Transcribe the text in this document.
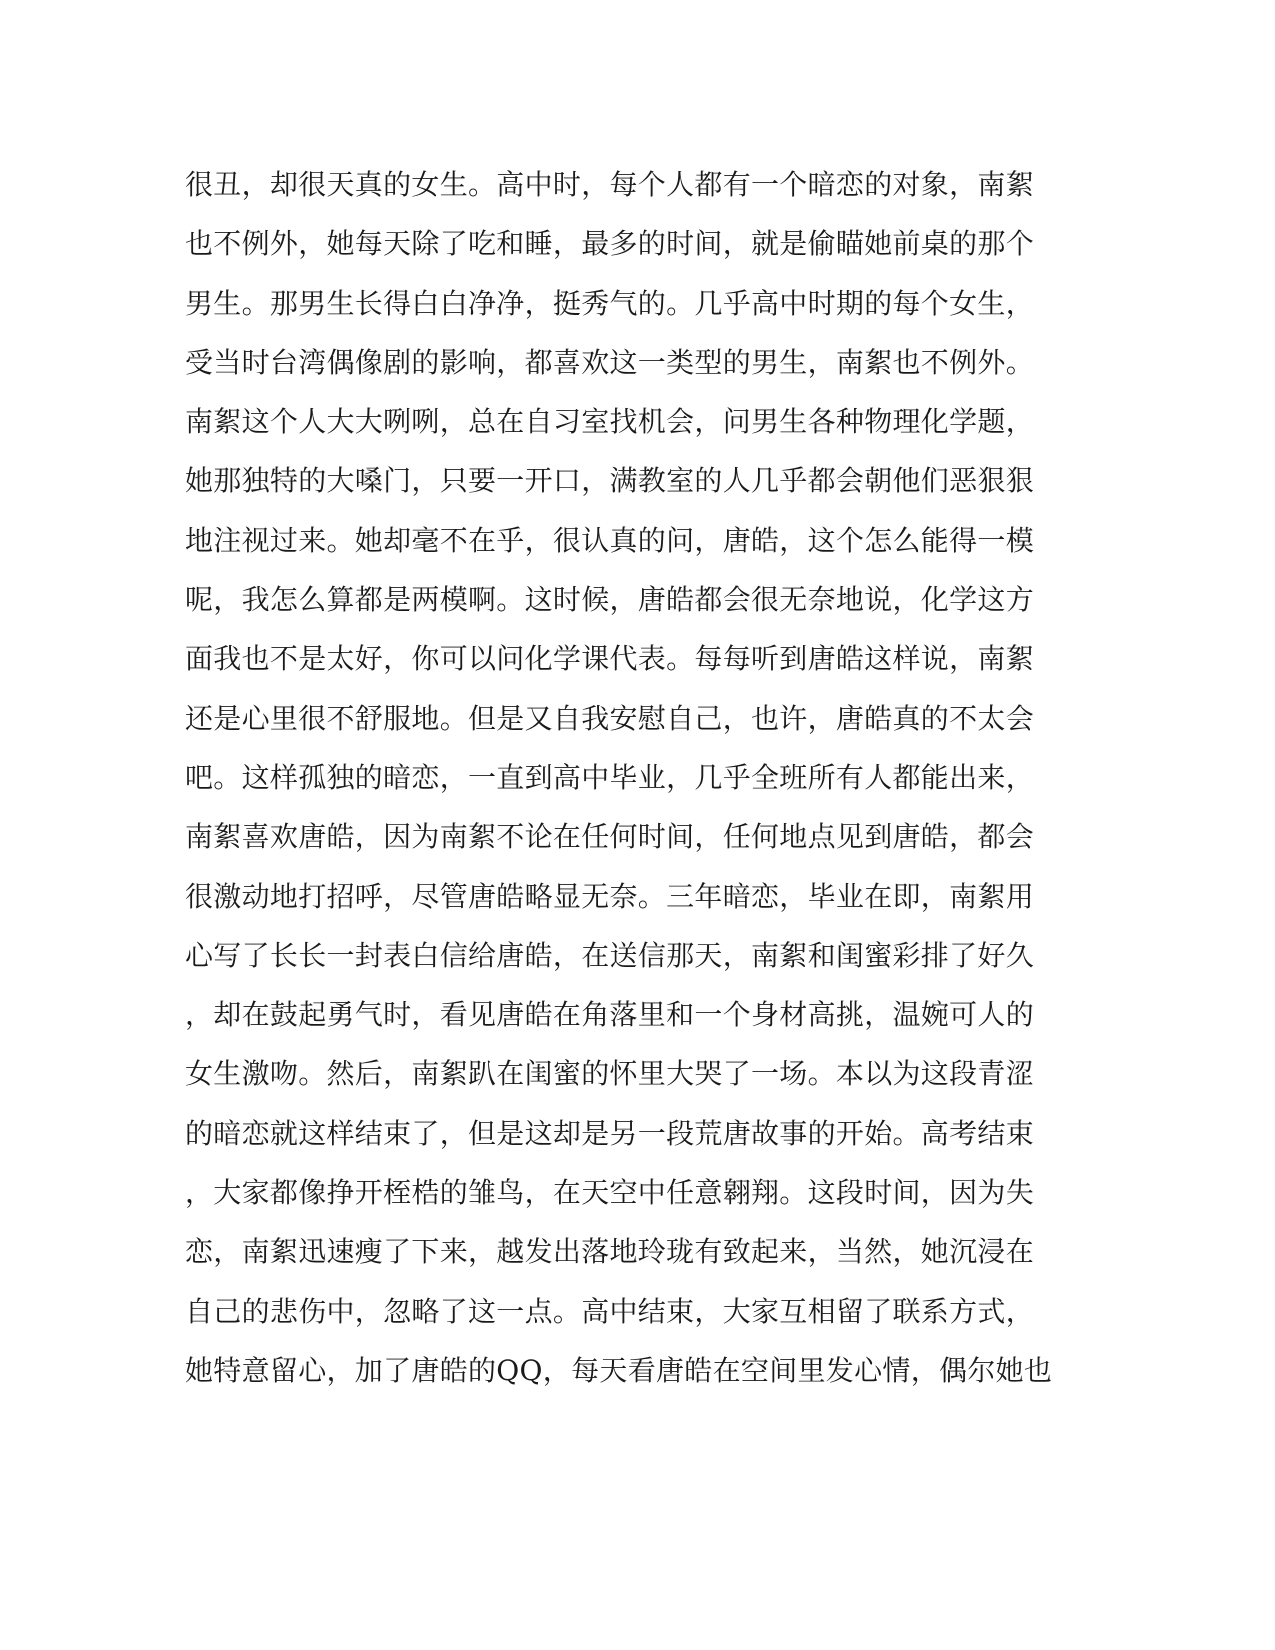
很丑，却很天真的女生。高中时，每个人都有一个暗恋的对象，南絮
也不例外，她每天除了吃和睡，最多的时间，就是偷瞄她前桌的那个
男生。那男生长得白白净净，挺秀气的。几乎高中时期的每个女生，
受当时台湾偶像剧的影响，都喜欢这一类型的男生，南絮也不例外。
南絮这个人大大咧咧，总在自习室找机会，问男生各种物理化学题，
她那独特的大嗓门，只要一开口，满教室的人几乎都会朝他们恶狠狠
地注视过来。她却毫不在乎，很认真的问，唐皓，这个怎么能得一模
呢，我怎么算都是两模啊。这时候，唐皓都会很无奈地说，化学这方
面我也不是太好，你可以问化学课代表。每每听到唐皓这样说，南絮
还是心里很不舒服地。但是又自我安慰自己，也许，唐皓真的不太会
吧。这样孤独的暗恋，一直到高中毕业，几乎全班所有人都能出来，
南絮喜欢唐皓，因为南絮不论在任何时间，任何地点见到唐皓，都会
很激动地打招呼，尽管唐皓略显无奈。三年暗恋，毕业在即，南絮用
心写了长长一封表白信给唐皓，在送信那天，南絮和闺蜜彩排了好久
，却在鼓起勇气时，看见唐皓在角落里和一个身材高挑，温婉可人的
女生激吻。然后，南絮趴在闺蜜的怀里大哭了一场。本以为这段青涩
的暗恋就这样结束了，但是这却是另一段荒唐故事的开始。高考结束
，大家都像挣开桎梏的雏鸟，在天空中任意翱翔。这段时间，因为失
恋，南絮迅速瘦了下来，越发出落地玲珑有致起来，当然，她沉浸在
自己的悲伤中，忽略了这一点。高中结束，大家互相留了联系方式，
她特意留心，加了唐皓的QQ，每天看唐皓在空间里发心情，偶尔她也
